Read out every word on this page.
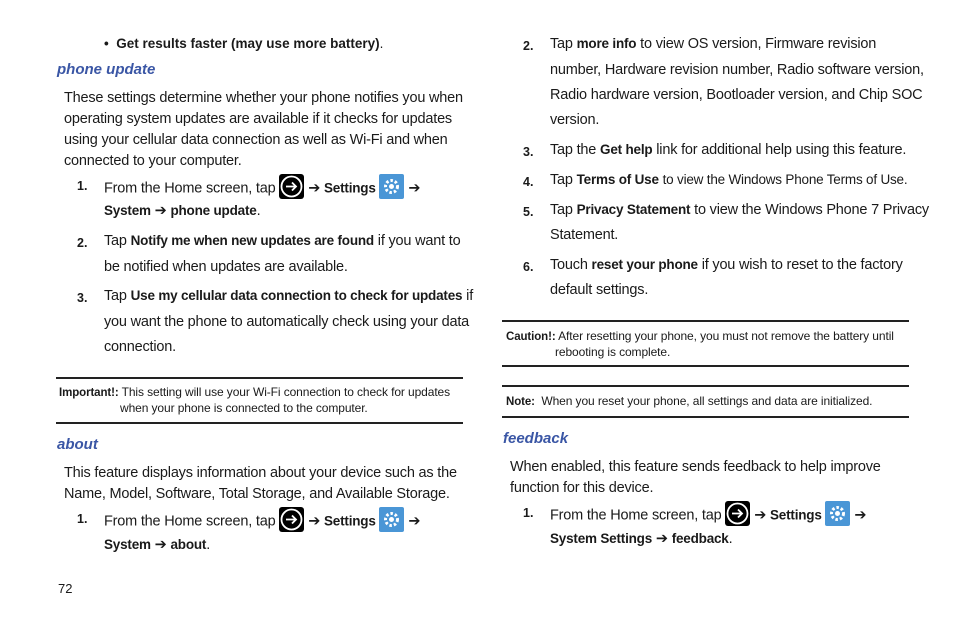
• Get results faster (may use more battery).
phone update
These settings determine whether your phone notifies you when
operating system updates are available if it checks for updates
using your cellular data connection as well as Wi-Fi and when
connected to your computer.
1. From the Home screen, tap ➔ Settings ➔
System ➔ phone update.
2. Tap Notify me when new updates are found if you want to
be notified when updates are available.
3. Tap Use my cellular data connection to check for updates if
you want the phone to automatically check using your data
connection.
Important!: This setting will use your Wi-Fi connection to check for updates
when your phone is connected to the computer.
about
This feature displays information about your device such as the
Name, Model, Software, Total Storage, and Available Storage.
1. From the Home screen, tap ➔ Settings ➔
System ➔ about.
72
2. Tap more info to view OS version, Firmware revision
number, Hardware revision number, Radio software version,
Radio hardware version, Bootloader version, and Chip SOC
version.
3. Tap the Get help link for additional help using this feature.
4. Tap Terms of Use to view the Windows Phone Terms of Use.
5. Tap Privacy Statement to view the Windows Phone 7 Privacy
Statement.
6. Touch reset your phone if you wish to reset to the factory
default settings.
Caution!: After resetting your phone, you must not remove the battery until
rebooting is complete.
Note: When you reset your phone, all settings and data are initialized.
feedback
When enabled, this feature sends feedback to help improve
function for this device.
1. From the Home screen, tap ➔ Settings ➔
System Settings ➔ feedback.
